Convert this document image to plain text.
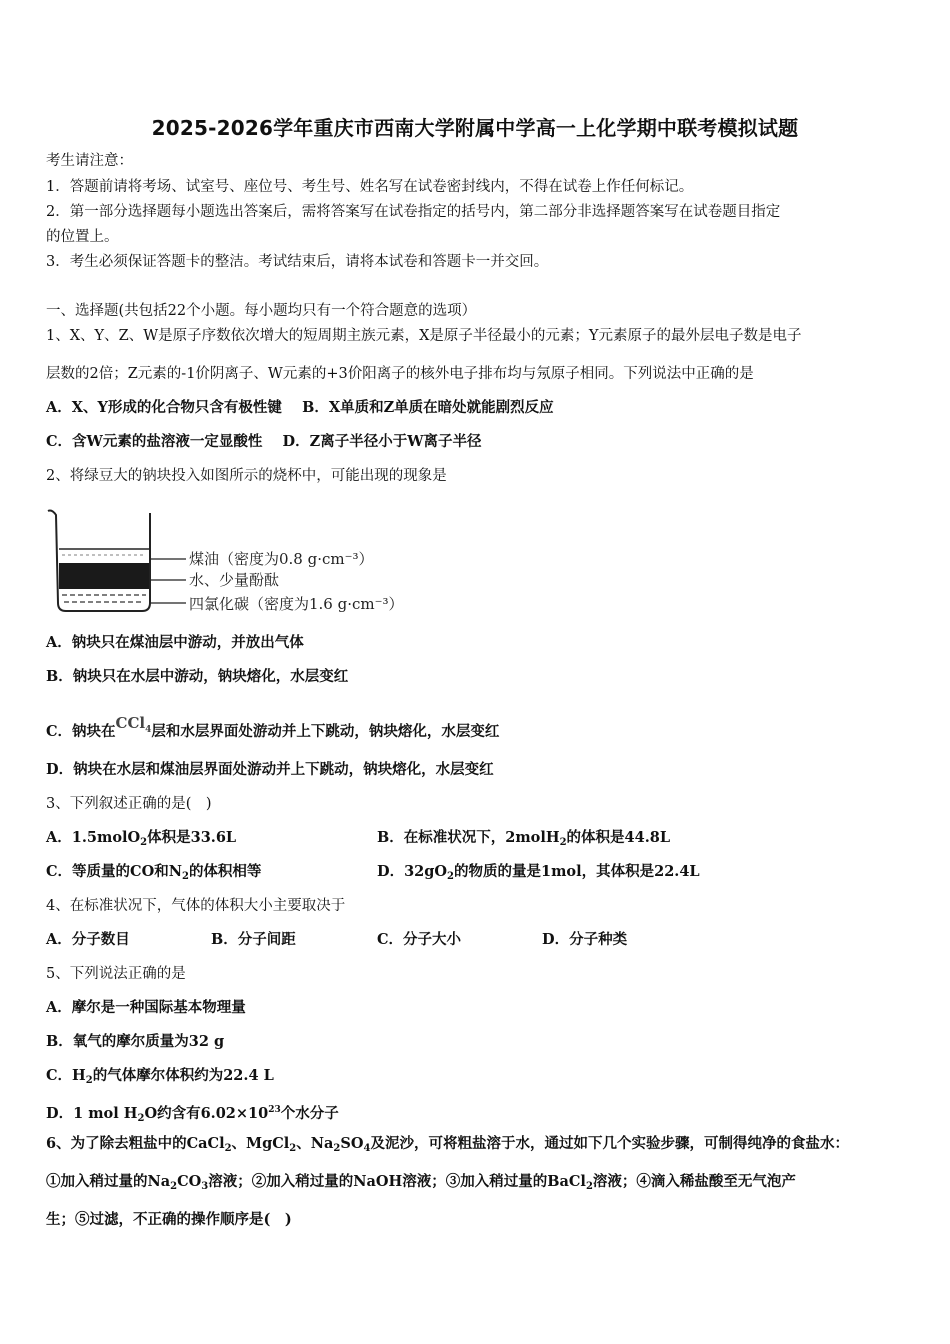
2025-2026学年重庆市西南大学附属中学高一上化学期中联考模拟试题
考生请注意：
1．答题前请将考场、试室号、座位号、考生号、姓名写在试卷密封线内，不得在试卷上作任何标记。
2．第一部分选择题每小题选出答案后，需将答案写在试卷指定的括号内，第二部分非选择题答案写在试卷题目指定
的位置上。
3．考生必须保证答题卡的整洁。考试结束后，请将本试卷和答题卡一并交回。
一、选择题(共包括22个小题。每小题均只有一个符合题意的选项）
1、X、Y、Z、W是原子序数依次增大的短周期主族元素，X是原子半径最小的元素；Y元素原子的最外层电子数是电子
层数的2倍；Z元素的-1价阴离子、W元素的+3价阳离子的核外电子排布均与氖原子相同。下列说法中正确的是
A．X、Y形成的化合物只含有极性键 B．X单质和Z单质在暗处就能剧烈反应
C．含W元素的盐溶液一定显酸性 D．Z离子半径小于W离子半径
2、将绿豆大的钠块投入如图所示的烧杯中，可能出现的现象是
煤油（密度为0.8 g·cm⁻³）
水、少量酚酞
四氯化碳（密度为1.6 g·cm⁻³）
A．钠块只在煤油层中游动，并放出气体
B．钠块只在水层中游动，钠块熔化，水层变红
C．钠块在CCl$_4$层和水层界面处游动并上下跳动，钠块熔化，水层变红
D．钠块在水层和煤油层界面处游动并上下跳动，钠块熔化，水层变红
3、下列叙述正确的是(　)
A．1.5molO$_2$体积是33.6L	B．在标准状况下，2molH$_2$的体积是44.8L
C．等质量的CO和$N_2$的体积相等	D．$32gO_2$的物质的量是1mol，其体积是22.4L
4、在标准状况下，气体的体积大小主要取决于
A．分子数目	B．分子间距	C．分子大小	D．分子种类
5、下列说法正确的是
A．摩尔是一种国际基本物理量
B．氧气的摩尔质量为32 g
C．$H_2$的气体摩尔体积约为22.4 L
D．1 mol $H_2O$约含有$6.02\times 10^{23}$个水分子
6、为了除去粗盐中的CaCl$_2$、MgCl$_2$、$Na_2SO_4$及泥沙，可将粗盐溶于水，通过如下几个实验步骤，可制得纯净的食盐水：
①加入稍过量的$Na_2CO_3$溶液；②加入稍过量的NaOH溶液；③加入稍过量的BaCl$_2$溶液；④滴入稀盐酸至无气泡产
生；⑤过滤，不正确的操作顺序是(　)
